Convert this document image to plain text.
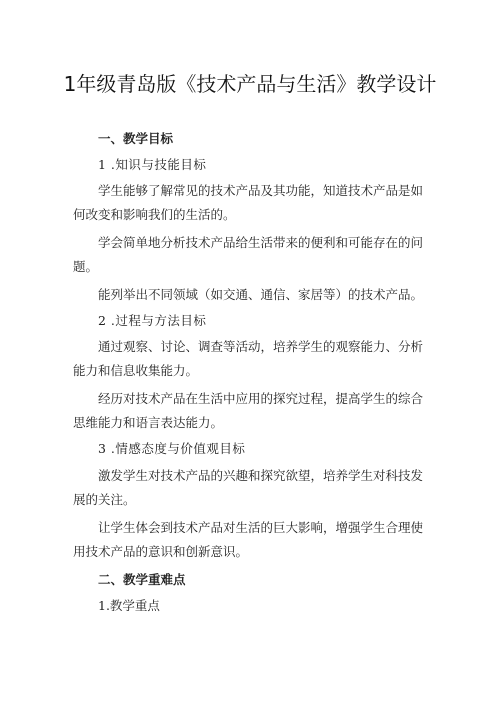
1年级青岛版《技术产品与生活》教学设计
一、教学目标
1 .知识与技能目标
学生能够了解常见的技术产品及其功能，知道技术产品是如
何改变和影响我们的生活的。
学会简单地分析技术产品给生活带来的便利和可能存在的问
题。
能列举出不同领域（如交通、通信、家居等）的技术产品。
2 .过程与方法目标
通过观察、讨论、调查等活动，培养学生的观察能力、分析
能力和信息收集能力。
经历对技术产品在生活中应用的探究过程，提高学生的综合
思维能力和语言表达能力。
3 .情感态度与价值观目标
激发学生对技术产品的兴趣和探究欲望，培养学生对科技发
展的关注。
让学生体会到技术产品对生活的巨大影响，增强学生合理使
用技术产品的意识和创新意识。
二、教学重难点
1.教学重点
